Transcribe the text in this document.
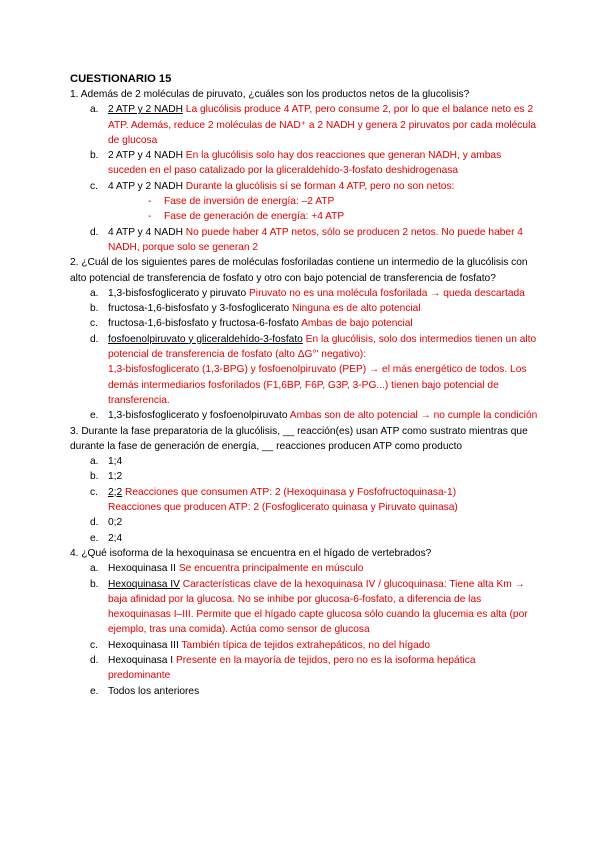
CUESTIONARIO 15

1. Además de 2 moléculas de piruvato, ¿cuáles son los productos netos de la glucolisis?

a. 2 ATP y 2 NADH La glucólisis produce 4 ATP, pero consume 2, por lo que el balance neto es 2 ATP. Además, reduce 2 moléculas de NAD⁺ a 2 NADH y genera 2 piruvatos por cada molécula de glucosa
b. 2 ATP y 4 NADH En la glucólisis solo hay dos reacciones que generan NADH, y ambas suceden en el paso catalizado por la gliceraldehído-3-fosfato deshidrogenasa
c. 4 ATP y 2 NADH Durante la glucólisis sí se forman 4 ATP, pero no son netos:
- Fase de inversión de energía: –2 ATP
- Fase de generación de energía: +4 ATP
d. 4 ATP y 4 NADH No puede haber 4 ATP netos, sólo se producen 2 netos. No puede haber 4 NADH, porque solo se generan 2

2. ¿Cuál de los siguientes pares de moléculas fosforiladas contiene un intermedio de la glucólisis con alto potencial de transferencia de fosfato y otro con bajo potencial de transferencia de fosfato?

a. 1,3-bisfosfoglicerato y piruvato Piruvato no es una molécula fosforilada → queda descartada
b. fructosa-1,6-bisfosfato y 3-fosfoglicerato Ninguna es de alto potencial
c. fructosa-1,6-bisfosfato y fructosa-6-fosfato Ambas de bajo potencial
d. fosfoenolpiruvato y gliceraldehído-3-fosfato En la glucólisis, solo dos intermedios tienen un alto potencial de transferencia de fosfato (alto ΔG°' negativo):
1,3-bisfosfoglicerato (1,3-BPG) y fosfoenolpiruvato (PEP) → el más energético de todos. Los demás intermediarios fosforilados (F1,6BP, F6P, G3P, 3-PG...) tienen bajo potencial de transferencia.
e. 1,3-bisfosfoglicerato y fosfoenolpiruvato Ambas son de alto potencial → no cumple la condición

3. Durante la fase preparatoria de la glucólisis, __ reacción(es) usan ATP como sustrato mientras que durante la fase de generación de energía, __ reacciones producen ATP como producto

a. 1;4
b. 1;2
c. 2;2 Reacciones que consumen ATP: 2 (Hexoquinasa y Fosfofructoquinasa-1)
Reacciones que producen ATP: 2 (Fosfoglicerato quinasa y Piruvato quinasa)
d. 0;2
e. 2;4

4. ¿Qué isoforma de la hexoquinasa se encuentra en el hígado de vertebrados?

a. Hexoquinasa II Se encuentra principalmente en músculo
b. Hexoquinasa IV Características clave de la hexoquinasa IV / glucoquinasa: Tiene alta Km → baja afinidad por la glucosa. No se inhibe por glucosa-6-fosfato, a diferencia de las hexoquinasas I–III. Permite que el hígado capte glucosa sólo cuando la glucemia es alta (por ejemplo, tras una comida). Actúa como sensor de glucosa
c. Hexoquinasa III También típica de tejidos extrahepáticos, no del hígado
d. Hexoquinasa I Presente en la mayoría de tejidos, pero no es la isoforma hepática predominante
e. Todos los anteriores
